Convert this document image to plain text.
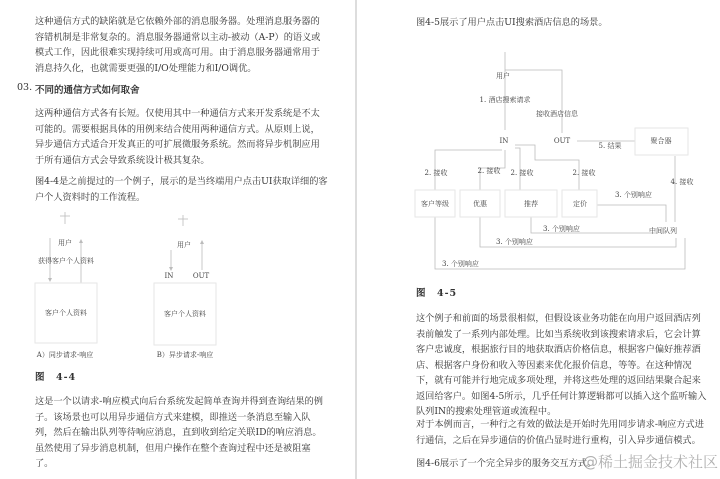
这种通信方式的缺陷就是它依赖外部的消息服务器。处理消息服务器的
容错机制是非常复杂的。消息服务器通常以主动-被动（A-P）的语义或
模式工作，因此很难实现持续可用或高可用。由于消息服务器通常用于
消息持久化，也就需要更强的I/O处理能力和I/O调优。
03. 不同的通信方式如何取舍
这两种通信方式各有长短。仅使用其中一种通信方式来开发系统是不太
可能的。需要根据具体的用例来结合使用两种通信方式。从原则上说，
异步通信方式适合开发真正的可扩展微服务系统。然而将异步机制应用
于所有通信方式会导致系统设计极其复杂。
图4-4是之前提过的一个例子，展示的是当终端用户点击UI获取详细的客
户个人资料时的工作流程。
用户
获得客户个人资料
客户个人资料
A）同步请求-响应
用户
IN	OUT
客户个人资料
B）异步请求-响应
图　4-4
这是一个以请求-响应模式向后台系统发起简单查询并得到查询结果的例
子。该场景也可以用异步通信方式来建模，即推送一条消息至输入队
列，然后在输出队列等待响应消息，直到收到给定关联ID的响应消息。
虽然使用了异步消息机制，但用户操作在整个查询过程中还是被阻塞
了。
图4-5展示了用户点击UI搜索酒店信息的场景。
用户
1. 酒店搜索请求
接收酒店信息
IN	OUT	聚合器
5. 结果
2. 接收	2. 接收 2. 接收	2. 接收
4. 接收
客户等级	优惠	推荐	定价
3. 个别响应
3. 个别响应
3. 个别响应
3. 个别响应
中间队列
图　4-5
这个例子和前面的场景很相似，但假设该业务功能在向用户返回酒店列
表前触发了一系列内部处理。比如当系统收到该搜索请求后，它会计算
客户忠诚度，根据旅行目的地获取酒店价格信息，根据客户偏好推荐酒
店、根据客户身份和收入等因素来优化报价信息，等等。在这种情况
下，就有可能并行地完成多项处理，并将这些处理的返回结果聚合起来
返回给客户。如图4-5所示，几乎任何计算逻辑都可以插入这个监听输入
队列IN的搜索处理管道或流程中。
对于本例而言，一种行之有效的做法是开始时先用同步请求-响应方式进
行通信，之后在异步通信的价值凸显时进行重构，引入异步通信模式。
图4-6展示了一个完全异步的服务交互方式。
@稀土掘金技术社区
